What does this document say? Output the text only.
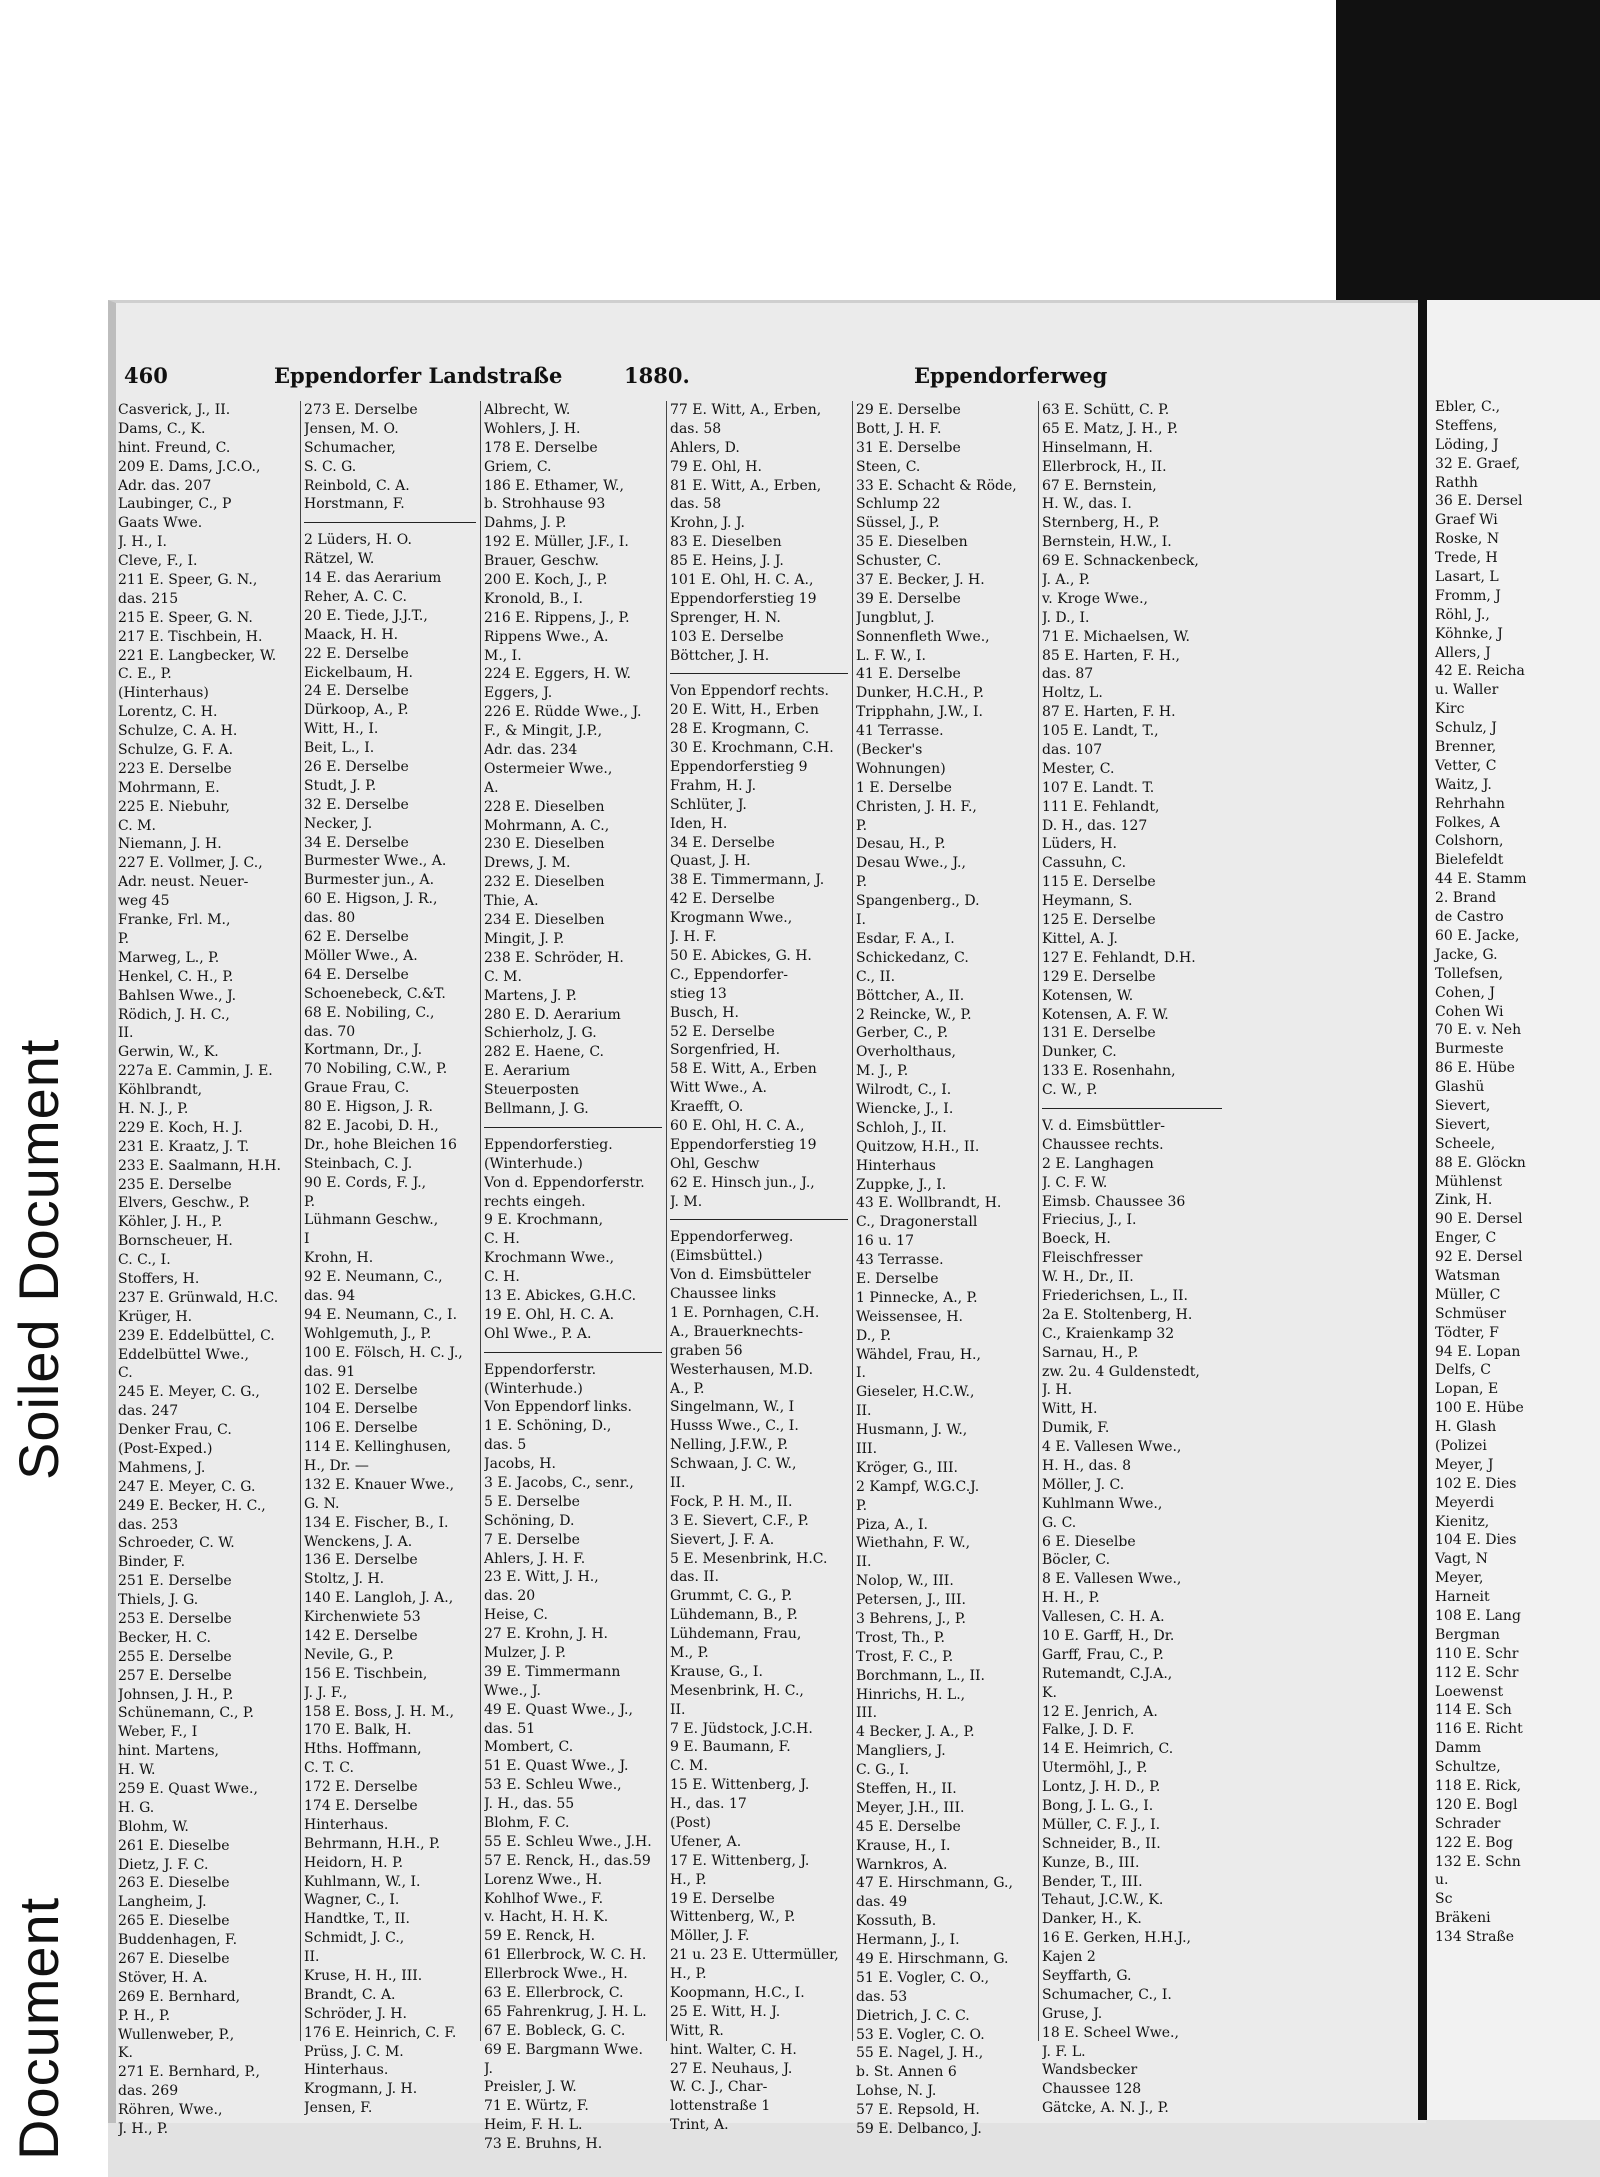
Soiled Document
Document
460	Eppendorfer Landstraße	1880.	Eppendorferweg
Casverick, J., II.
Dams, C., K.
hint. Freund, C.
209 E. Dams, J.C.O.,
Adr. das. 207
Laubinger, C., P
Gaats Wwe.
J. H., I.
Cleve, F., I.
211 E. Speer, G. N.,
das. 215
215 E. Speer, G. N.
217 E. Tischbein, H.
221 E. Langbecker, W.
C. E., P.
(Hinterhaus)
Lorentz, C. H.
Schulze, C. A. H.
Schulze, G. F. A.
223 E. Derselbe
Mohrmann, E.
225 E. Niebuhr,
C. M.
Niemann, J. H.
227 E. Vollmer, J. C.,
Adr. neust. Neuer-
weg 45
Franke, Frl. M.,
P.
Marweg, L., P.
Henkel, C. H., P.
Bahlsen Wwe., J.
Rödich, J. H. C.,
II.
Gerwin, W., K.
227a E. Cammin, J. E.
Köhlbrandt,
H. N. J., P.
229 E. Koch, H. J.
231 E. Kraatz, J. T.
233 E. Saalmann, H.H.
235 E. Derselbe
Elvers, Geschw., P.
Köhler, J. H., P.
Bornscheuer, H.
C. C., I.
Stoffers, H.
237 E. Grünwald, H.C.
Krüger, H.
239 E. Eddelbüttel, C.
Eddelbüttel Wwe.,
C.
245 E. Meyer, C. G.,
das. 247
Denker Frau, C.
(Post-Exped.)
Mahmens, J.
247 E. Meyer, C. G.
249 E. Becker, H. C.,
das. 253
Schroeder, C. W.
Binder, F.
251 E. Derselbe
Thiels, J. G.
253 E. Derselbe
Becker, H. C.
255 E. Derselbe
257 E. Derselbe
Johnsen, J. H., P.
Schünemann, C., P.
Weber, F., I
hint. Martens,
H. W.
259 E. Quast Wwe.,
H. G.
Blohm, W.
261 E. Dieselbe
Dietz, J. F. C.
263 E. Dieselbe
Langheim, J.
265 E. Dieselbe
Buddenhagen, F.
267 E. Dieselbe
Stöver, H. A.
269 E. Bernhard,
P. H., P.
Wullenweber, P.,
K.
271 E. Bernhard, P.,
das. 269
Röhren, Wwe.,
J. H., P.
273 E. Derselbe
Jensen, M. O.
Schumacher,
S. C. G.
Reinbold, C. A.
Horstmann, F.
2 Lüders, H. O.
Rätzel, W.
14 E. das Aerarium
Reher, A. C. C.
20 E. Tiede, J.J.T.,
Maack, H. H.
22 E. Derselbe
Eickelbaum, H.
24 E. Derselbe
Dürkoop, A., P.
Witt, H., I.
Beit, L., I.
26 E. Derselbe
Studt, J. P.
32 E. Derselbe
Necker, J.
34 E. Derselbe
Burmester Wwe., A.
Burmester jun., A.
60 E. Higson, J. R.,
das. 80
62 E. Derselbe
Möller Wwe., A.
64 E. Derselbe
Schoenebeck, C.&T.
68 E. Nobiling, C.,
das. 70
Kortmann, Dr., J.
70 Nobiling, C.W., P.
Graue Frau, C.
80 E. Higson, J. R.
82 E. Jacobi, D. H.,
Dr., hohe Bleichen 16
Steinbach, C. J.
90 E. Cords, F. J.,
P.
Lühmann Geschw.,
I
Krohn, H.
92 E. Neumann, C.,
das. 94
94 E. Neumann, C., I.
Wohlgemuth, J., P.
100 E. Fölsch, H. C. J.,
das. 91
102 E. Derselbe
104 E. Derselbe
106 E. Derselbe
114 E. Kellinghusen,
H., Dr. —
132 E. Knauer Wwe.,
G. N.
134 E. Fischer, B., I.
Wenckens, J. A.
136 E. Derselbe
Stoltz, J. H.
140 E. Langloh, J. A.,
Kirchenwiete 53
142 E. Derselbe
Nevile, G., P.
156 E. Tischbein,
J. J. F.,
158 E. Boss, J. H. M.,
170 E. Balk, H.
Hths. Hoffmann,
C. T. C.
172 E. Derselbe
174 E. Derselbe
Hinterhaus.
Behrmann, H.H., P.
Heidorn, H. P.
Kuhlmann, W., I.
Wagner, C., I.
Handtke, T., II.
Schmidt, J. C.,
II.
Kruse, H. H., III.
Brandt, C. A.
Schröder, J. H.
176 E. Heinrich, C. F.
Prüss, J. C. M.
Hinterhaus.
Krogmann, J. H.
Jensen, F.
Albrecht, W.
Wohlers, J. H.
178 E. Derselbe
Griem, C.
186 E. Ethamer, W.,
b. Strohhause 93
Dahms, J. P.
192 E. Müller, J.F., I.
Brauer, Geschw.
200 E. Koch, J., P.
Kronold, B., I.
216 E. Rippens, J., P.
Rippens Wwe., A.
M., I.
224 E. Eggers, H. W.
Eggers, J.
226 E. Rüdde Wwe., J.
F., & Mingit, J.P.,
Adr. das. 234
Ostermeier Wwe.,
A.
228 E. Dieselben
Mohrmann, A. C.,
230 E. Dieselben
Drews, J. M.
232 E. Dieselben
Thie, A.
234 E. Dieselben
Mingit, J. P.
238 E. Schröder, H.
C. M.
Martens, J. P.
280 E. D. Aerarium
Schierholz, J. G.
282 E. Haene, C.
E. Aerarium
Steuerposten
Bellmann, J. G.
Eppendorferstieg.
(Winterhude.)
Von d. Eppendorferstr.
rechts eingeh.
9 E. Krochmann,
C. H.
Krochmann Wwe.,
C. H.
13 E. Abickes, G.H.C.
19 E. Ohl, H. C. A.
Ohl Wwe., P. A.
Eppendorferstr.
(Winterhude.)
Von Eppendorf links.
1 E. Schöning, D.,
das. 5
Jacobs, H.
3 E. Jacobs, C., senr.,
5 E. Derselbe
Schöning, D.
7 E. Derselbe
Ahlers, J. H. F.
23 E. Witt, J. H.,
das. 20
Heise, C.
27 E. Krohn, J. H.
Mulzer, J. P.
39 E. Timmermann
Wwe., J.
49 E. Quast Wwe., J.,
das. 51
Mombert, C.
51 E. Quast Wwe., J.
53 E. Schleu Wwe.,
J. H., das. 55
Blohm, F. C.
55 E. Schleu Wwe., J.H.
57 E. Renck, H., das.59
Lorenz Wwe., H.
Kohlhof Wwe., F.
v. Hacht, H. H. K.
59 E. Renck, H.
61 Ellerbrock, W. C. H.
Ellerbrock Wwe., H.
63 E. Ellerbrock, C.
65 Fahrenkrug, J. H. L.
67 E. Bobleck, G. C.
69 E. Bargmann Wwe.
J.
Preisler, J. W.
71 E. Würtz, F.
Heim, F. H. L.
73 E. Bruhns, H.
77 E. Witt, A., Erben,
das. 58
Ahlers, D.
79 E. Ohl, H.
81 E. Witt, A., Erben,
das. 58
Krohn, J. J.
83 E. Dieselben
85 E. Heins, J. J.
101 E. Ohl, H. C. A.,
Eppendorferstieg 19
Sprenger, H. N.
103 E. Derselbe
Böttcher, J. H.
Von Eppendorf rechts.
20 E. Witt, H., Erben
28 E. Krogmann, C.
30 E. Krochmann, C.H.
Eppendorferstieg 9
Frahm, H. J.
Schlüter, J.
Iden, H.
34 E. Derselbe
Quast, J. H.
38 E. Timmermann, J.
42 E. Derselbe
Krogmann Wwe.,
J. H. F.
50 E. Abickes, G. H.
C., Eppendorfer-
stieg 13
Busch, H.
52 E. Derselbe
Sorgenfried, H.
58 E. Witt, A., Erben
Witt Wwe., A.
Kraefft, O.
60 E. Ohl, H. C. A.,
Eppendorferstieg 19
Ohl, Geschw
62 E. Hinsch jun., J.,
J. M.
Eppendorferweg.
(Eimsbüttel.)
Von d. Eimsbütteler
Chaussee links
1 E. Pornhagen, C.H.
A., Brauerknechts-
graben 56
Westerhausen, M.D.
A., P.
Singelmann, W., I
Husss Wwe., C., I.
Nelling, J.F.W., P.
Schwaan, J. C. W.,
II.
Fock, P. H. M., II.
3 E. Sievert, C.F., P.
Sievert, J. F. A.
5 E. Mesenbrink, H.C.
das. II.
Grummt, C. G., P.
Lühdemann, B., P.
Lühdemann, Frau,
M., P.
Krause, G., I.
Mesenbrink, H. C.,
II.
7 E. Jüdstock, J.C.H.
9 E. Baumann, F.
C. M.
15 E. Wittenberg, J.
H., das. 17
(Post)
Ufener, A.
17 E. Wittenberg, J.
H., P.
19 E. Derselbe
Wittenberg, W., P.
Möller, J. F.
21 u. 23 E. Uttermüller,
H., P.
Koopmann, H.C., I.
25 E. Witt, H. J.
Witt, R.
hint. Walter, C. H.
27 E. Neuhaus, J.
W. C. J., Char-
lottenstraße 1
Trint, A.
29 E. Derselbe
Bott, J. H. F.
31 E. Derselbe
Steen, C.
33 E. Schacht & Röde,
Schlump 22
Süssel, J., P.
35 E. Dieselben
Schuster, C.
37 E. Becker, J. H.
39 E. Derselbe
Jungblut, J.
Sonnenfleth Wwe.,
L. F. W., I.
41 E. Derselbe
Dunker, H.C.H., P.
Tripphahn, J.W., I.
41 Terrasse.
(Becker's
Wohnungen)
1 E. Derselbe
Christen, J. H. F.,
P.
Desau, H., P.
Desau Wwe., J.,
P.
Spangenberg., D.
I.
Esdar, F. A., I.
Schickedanz, C.
C., II.
Böttcher, A., II.
2 Reincke, W., P.
Gerber, C., P.
Overholthaus,
M. J., P.
Wilrodt, C., I.
Wiencke, J., I.
Schloh, J., II.
Quitzow, H.H., II.
Hinterhaus
Zuppke, J., I.
43 E. Wollbrandt, H.
C., Dragonerstall
16 u. 17
43 Terrasse.
E. Derselbe
1 Pinnecke, A., P.
Weissensee, H.
D., P.
Wähdel, Frau, H.,
I.
Gieseler, H.C.W.,
II.
Husmann, J. W.,
III.
Kröger, G., III.
2 Kampf, W.G.C.J.
P.
Piza, A., I.
Wiethahn, F. W.,
II.
Nolop, W., III.
Petersen, J., III.
3 Behrens, J., P.
Trost, Th., P.
Trost, F. C., P.
Borchmann, L., II.
Hinrichs, H. L.,
III.
4 Becker, J. A., P.
Mangliers, J.
C. G., I.
Steffen, H., II.
Meyer, J.H., III.
45 E. Derselbe
Krause, H., I.
Warnkros, A.
47 E. Hirschmann, G.,
das. 49
Kossuth, B.
Hermann, J., I.
49 E. Hirschmann, G.
51 E. Vogler, C. O.,
das. 53
Dietrich, J. C. C.
53 E. Vogler, C. O.
55 E. Nagel, J. H.,
b. St. Annen 6
Lohse, N. J.
57 E. Repsold, H.
59 E. Delbanco, J.
63 E. Schütt, C. P.
65 E. Matz, J. H., P.
Hinselmann, H.
Ellerbrock, H., II.
67 E. Bernstein,
H. W., das. I.
Sternberg, H., P.
Bernstein, H.W., I.
69 E. Schnackenbeck,
J. A., P.
v. Kroge Wwe.,
J. D., I.
71 E. Michaelsen, W.
85 E. Harten, F. H.,
das. 87
Holtz, L.
87 E. Harten, F. H.
105 E. Landt, T.,
das. 107
Mester, C.
107 E. Landt. T.
111 E. Fehlandt,
D. H., das. 127
Lüders, H.
Cassuhn, C.
115 E. Derselbe
Heymann, S.
125 E. Derselbe
Kittel, A. J.
127 E. Fehlandt, D.H.
129 E. Derselbe
Kotensen, W.
Kotensen, A. F. W.
131 E. Derselbe
Dunker, C.
133 E. Rosenhahn,
C. W., P.
V. d. Eimsbüttler-
Chaussee rechts.
2 E. Langhagen
J. C. F. W.
Eimsb. Chaussee 36
Friecius, J., I.
Boeck, H.
Fleischfresser
W. H., Dr., II.
Friederichsen, L., II.
2a E. Stoltenberg, H.
C., Kraienkamp 32
Sarnau, H., P.
zw. 2u. 4 Guldenstedt,
J. H.
Witt, H.
Dumik, F.
4 E. Vallesen Wwe.,
H. H., das. 8
Möller, J. C.
Kuhlmann Wwe.,
G. C.
6 E. Dieselbe
Böcler, C.
8 E. Vallesen Wwe.,
H. H., P.
Vallesen, C. H. A.
10 E. Garff, H., Dr.
Garff, Frau, C., P.
Rutemandt, C.J.A.,
K.
12 E. Jenrich, A.
Falke, J. D. F.
14 E. Heimrich, C.
Utermöhl, J., P.
Lontz, J. H. D., P.
Bong, J. L. G., I.
Müller, C. F. J., I.
Schneider, B., II.
Kunze, B., III.
Bender, T., III.
Tehaut, J.C.W., K.
Danker, H., K.
16 E. Gerken, H.H.J.,
Kajen 2
Seyffarth, G.
Schumacher, C., I.
Gruse, J.
18 E. Scheel Wwe.,
J. F. L.
Wandsbecker
Chaussee 128
Gätcke, A. N. J., P.
Ebler, C.,
Steffens,
Löding, J
32 E. Graef,
Rathh
36 E. Dersel
Graef Wi
Roske, N
Trede, H
Lasart, L
Fromm, J
Röhl, J.,
Köhnke, J
Allers, J
42 E. Reicha
u. Waller
Kirc
Schulz, J
Brenner,
Vetter, C
Waitz, J.
Rehrhahn
Folkes, A
Colshorn,
Bielefeldt
44 E. Stamm
2. Brand
de Castro
60 E. Jacke,
Jacke, G.
Tollefsen,
Cohen, J
Cohen Wi
70 E. v. Neh
Burmeste
86 E. Hübe
Glashü
Sievert,
Sievert,
Scheele,
88 E. Glöckn
Mühlenst
Zink, H.
90 E. Dersel
Enger, C
92 E. Dersel
Watsman
Müller, C
Schmüser
Tödter, F
94 E. Lopan
Delfs, C
Lopan, E
100 E. Hübe
H. Glash
(Polizei
Meyer, J
102 E. Dies
Meyerdi
Kienitz,
104 E. Dies
Vagt, N
Meyer,
Harneit
108 E. Lang
Bergman
110 E. Schr
112 E. Schr
Loewenst
114 E. Sch
116 E. Richt
Damm
Schultze,
118 E. Rick,
120 E. Bogl
Schrader
122 E. Bog
132 E. Schn
u.
Sc
Bräkeni
134 Straße
